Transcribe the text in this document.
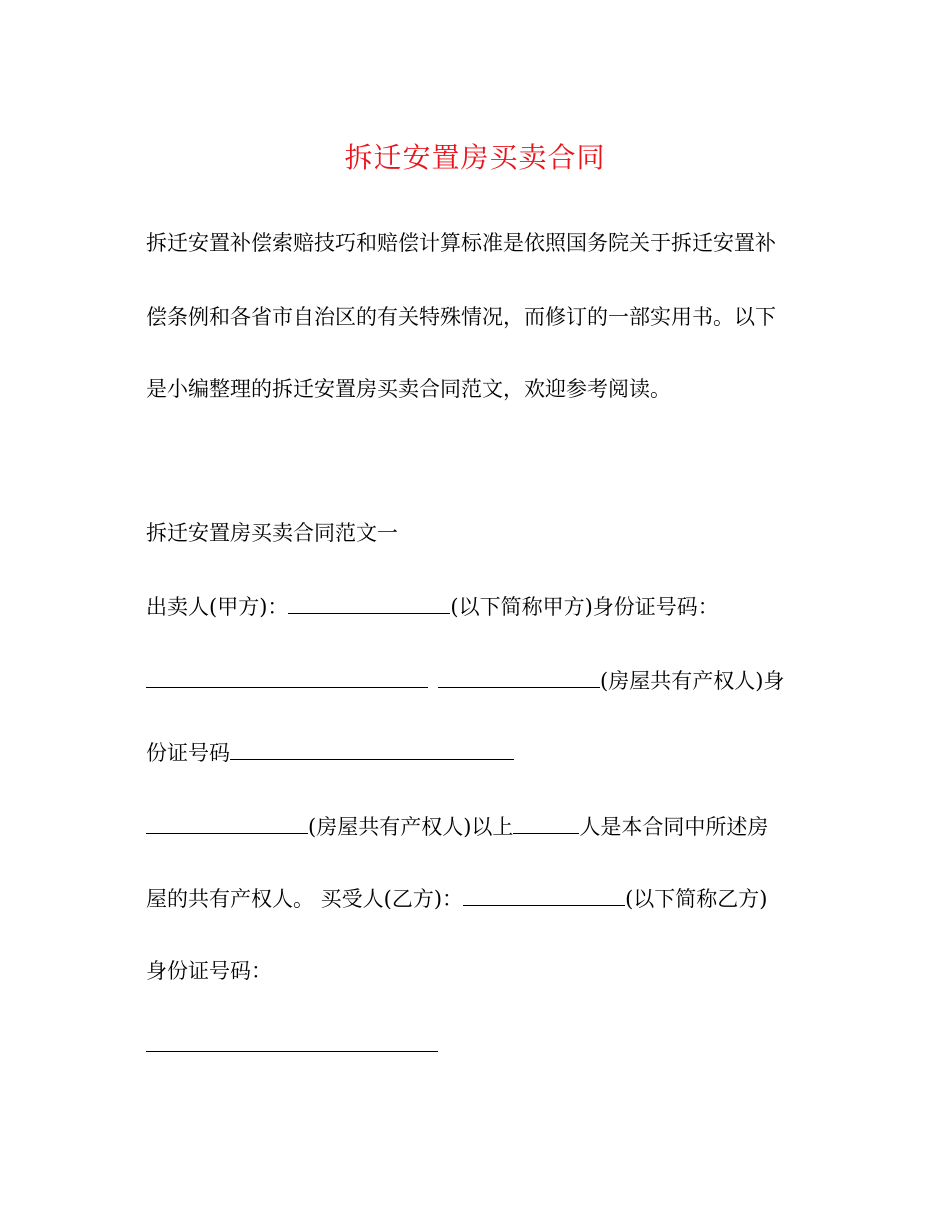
拆迁安置房买卖合同
拆迁安置补偿索赔技巧和赔偿计算标准是依照国务院关于拆迁安置补
偿条例和各省市自治区的有关特殊情况，而修订的一部实用书。以下
是小编整理的拆迁安置房买卖合同范文，欢迎参考阅读。
拆迁安置房买卖合同范文一
出卖人(甲方)：	(以下简称甲方)身份证号码：
(房屋共有产权人)身
份证号码
(房屋共有产权人)以上	人是本合同中所述房
屋的共有产权人。 买受人(乙方)：	(以下简称乙方)
身份证号码：
